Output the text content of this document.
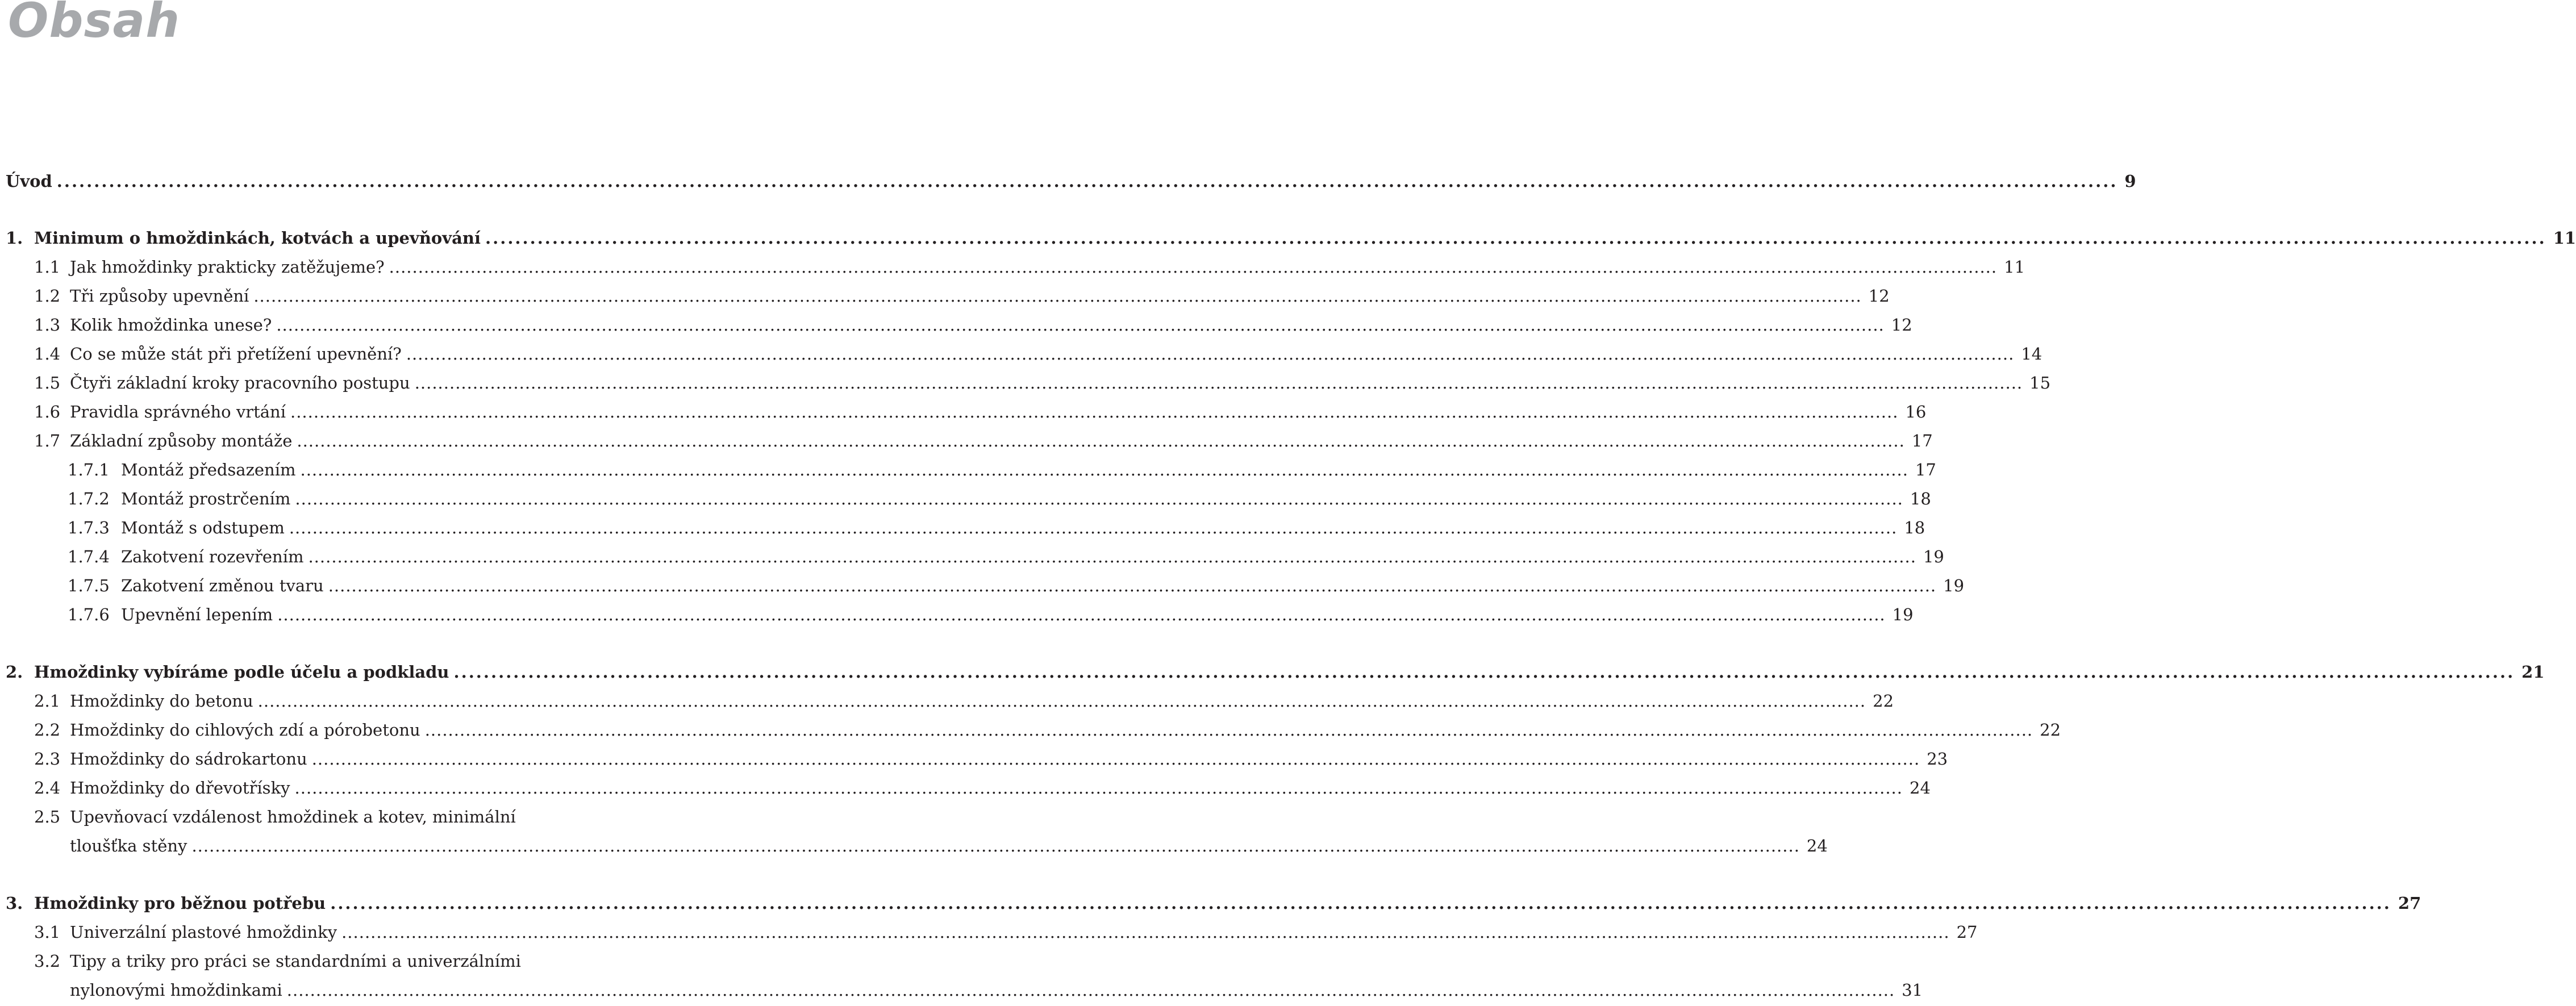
Obsah
Úvod .....	9
1. Minimum o hmoždinkách, kotvách a upevňování .....	11
1.1 Jak hmoždinky prakticky zatěžujeme? .....	11
1.2 Tři způsoby upevnění .....	12
1.3 Kolik hmoždinka unese? .....	12
1.4 Co se může stát při přetížení upevnění? .....	14
1.5 Čtyři základní kroky pracovního postupu .....	15
1.6 Pravidla správného vrtání .....	16
1.7 Základní způsoby montáže .....	17
1.7.1 Montáž předsazením .....	17
1.7.2 Montáž prostrčením .....	18
1.7.3 Montáž s odstupem .....	18
1.7.4 Zakotvení rozevřením .....	19
1.7.5 Zakotvení změnou tvaru .....	19
1.7.6 Upevnění lepením .....	19
2. Hmoždinky vybíráme podle účelu a podkladu .....	21
2.1 Hmoždinky do betonu .....	22
2.2 Hmoždinky do cihlových zdí a pórobetonu .....	22
2.3 Hmoždinky do sádrokartonu .....	23
2.4 Hmoždinky do dřevotřísky .....	24
2.5 Upevňovací vzdálenost hmoždinek a kotev, minimální
tloušťka stěny .....	24
3. Hmoždinky pro běžnou potřebu .....	27
3.1 Univerzální plastové hmoždinky .....	27
3.2 Tipy a triky pro práci se standardními a univerzálními
nylonovými hmoždinkami .....	31
